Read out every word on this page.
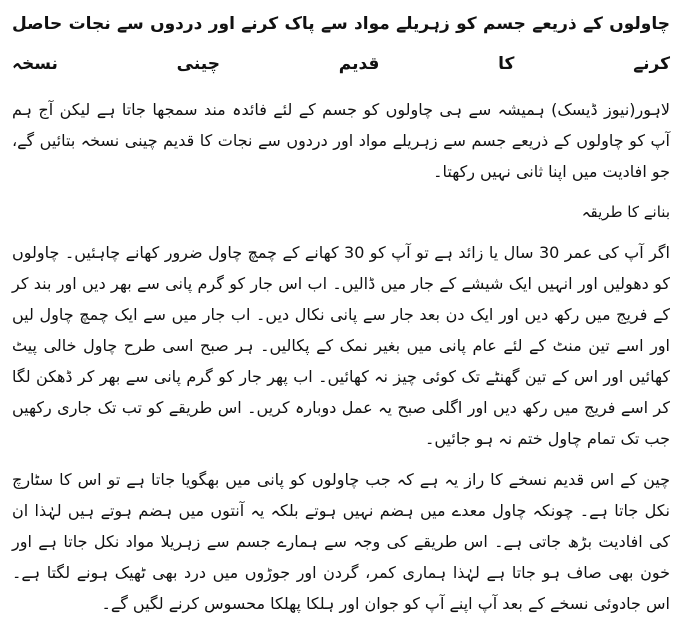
چاولوں کے ذریعے جسم کو زہریلے مواد سے پاک کرنے اور دردوں سے نجات حاصل کرنے کا قدیم چینی نسخہ

لاہور(نیوز ڈیسک) ہمیشہ سے ہی چاولوں کو جسم کے لئے فائدہ مند سمجھا جاتا ہے لیکن آج ہم آپ کو چاولوں کے ذریعے جسم سے زہریلے مواد اور دردوں سے نجات کا قدیم چینی نسخہ بتائیں گے، جو افادیت میں اپنا ثانی نہیں رکھتا۔

بنانے کا طریقہ

اگر آپ کی عمر 30 سال یا زائد ہے تو آپ کو 30 کھانے کے چمچ چاول ضرور کھانے چاہئیں۔ چاولوں کو دھولیں اور انہیں ایک شیشے کے جار میں ڈالیں۔ اب اس جار کو گرم پانی سے بھر دیں اور بند کر کے فریج میں رکھ دیں اور ایک دن بعد جار سے پانی نکال دیں۔ اب جار میں سے ایک چمچ چاول لیں اور اسے تین منٹ کے لئے عام پانی میں بغیر نمک کے پکالیں۔ ہر صبح اسی طرح چاول خالی پیٹ کھائیں اور اس کے تین گھنٹے تک کوئی چیز نہ کھائیں۔ اب پھر جار کو گرم پانی سے بھر کر ڈھکن لگا کر اسے فریج میں رکھ دیں اور اگلی صبح یہ عمل دوبارہ کریں۔ اس طریقے کو تب تک جاری رکھیں جب تک تمام چاول ختم نہ ہو جائیں۔

چین کے اس قدیم نسخے کا راز یہ ہے کہ جب چاولوں کو پانی میں بھگویا جاتا ہے تو اس کا سٹارچ نکل جاتا ہے۔ چونکہ چاول معدے میں ہضم نہیں ہوتے بلکہ یہ آنتوں میں ہضم ہوتے ہیں لہٰذا ان کی افادیت بڑھ جاتی ہے۔ اس طریقے کی وجہ سے ہمارے جسم سے زہریلا مواد نکل جاتا ہے اور خون بھی صاف ہو جاتا ہے لہٰذا ہماری کمر، گردن اور جوڑوں میں درد بھی ٹھیک ہونے لگتا ہے۔ اس جادوئی نسخے کے بعد آپ اپنے آپ کو جوان اور ہلکا پھلکا محسوس کرنے لگیں گے۔
